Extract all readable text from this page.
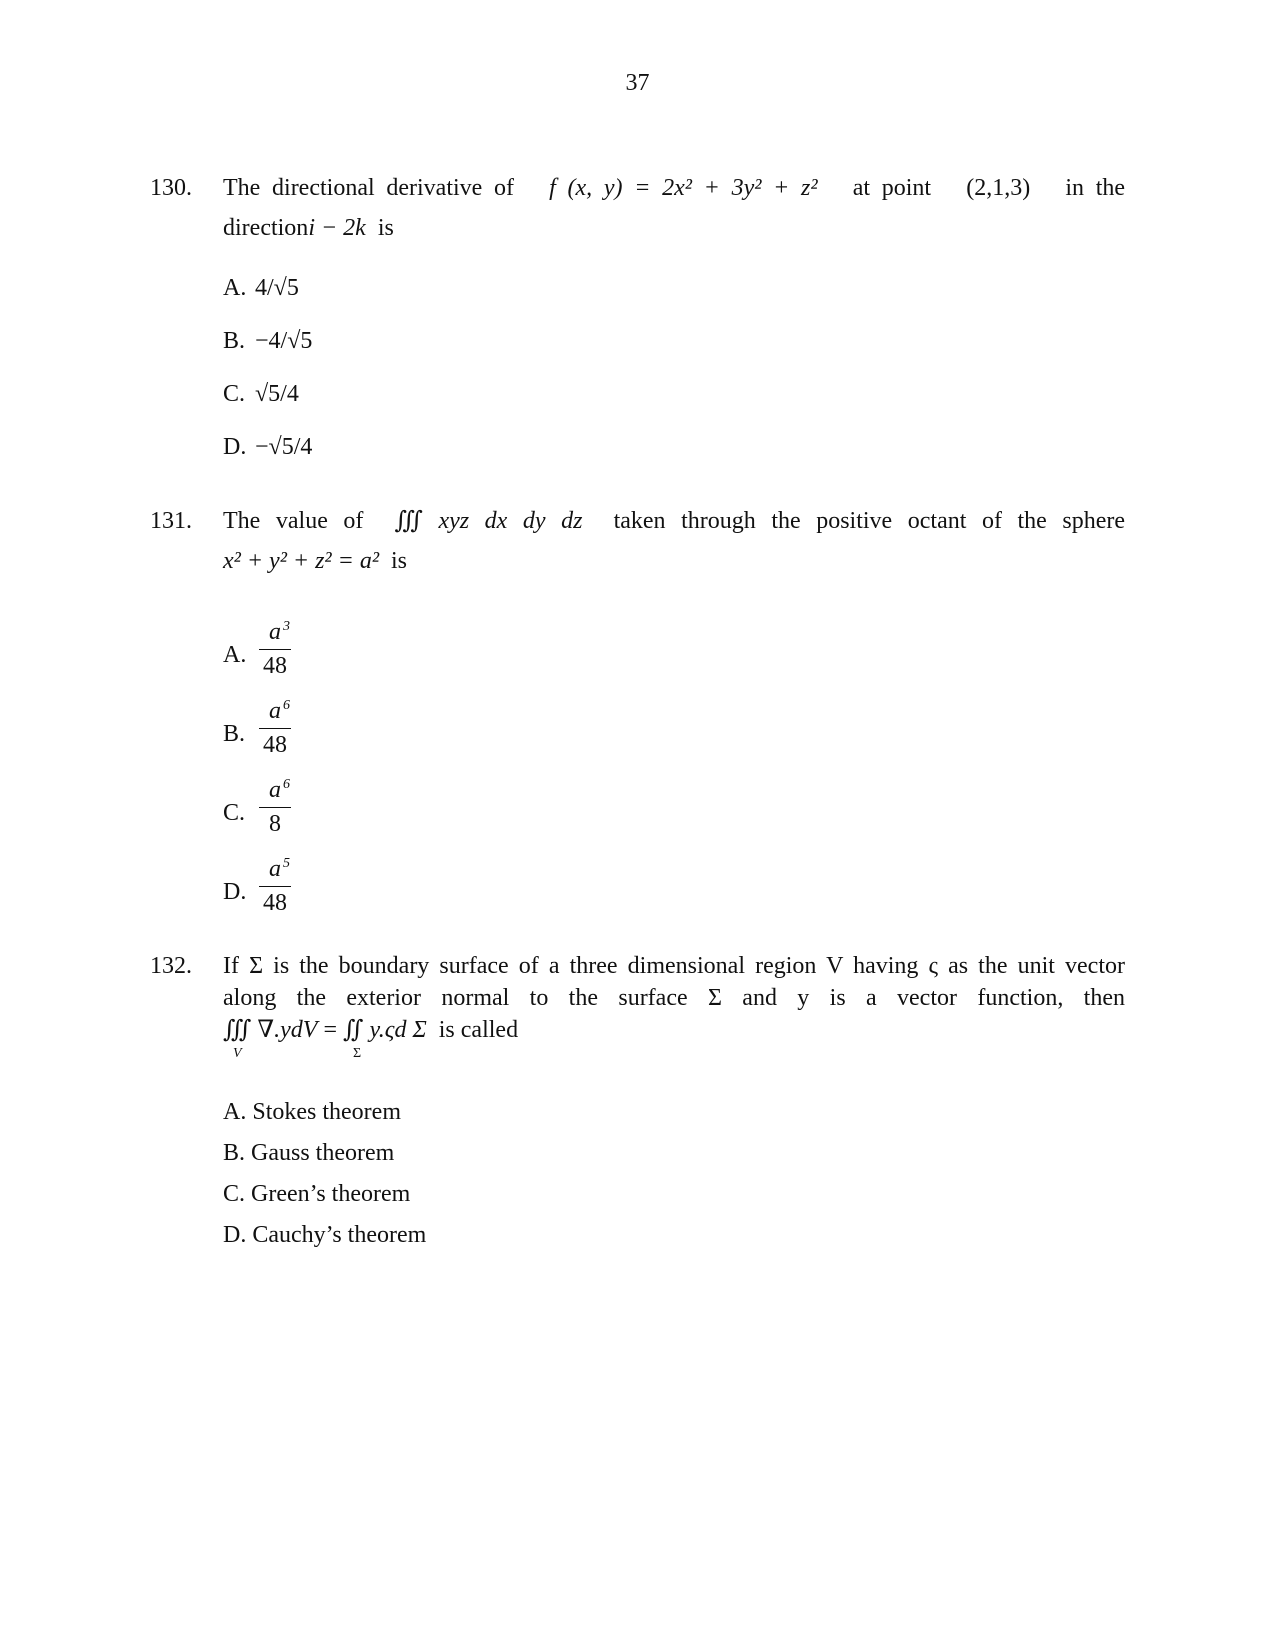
37
130.	The directional derivative of f (x, y) = 2x² + 3y² + z² at point (2,1,3) in the
directioni − 2k is
A. 4/√5
B. −4/√5
C. √5/4
D. −√5/4
131.	The value of ∭ xyz dx dy dz taken through the positive octant of the sphere
x² + y² + z² = a² is
A.
a 3
48
B.
a 6
48
C.
a 6
8
D.
a 5
48
132.	If Σ is the boundary surface of a three dimensional region V having ς as the unit vector
along the exterior normal to the surface Σ and y is a vector function, then
∭ ∇.ydV
V
= ∬ y.ςd Σ
Σ
is called
A. Stokes theorem
B. Gauss theorem
C. Green’s theorem
D. Cauchy’s theorem
